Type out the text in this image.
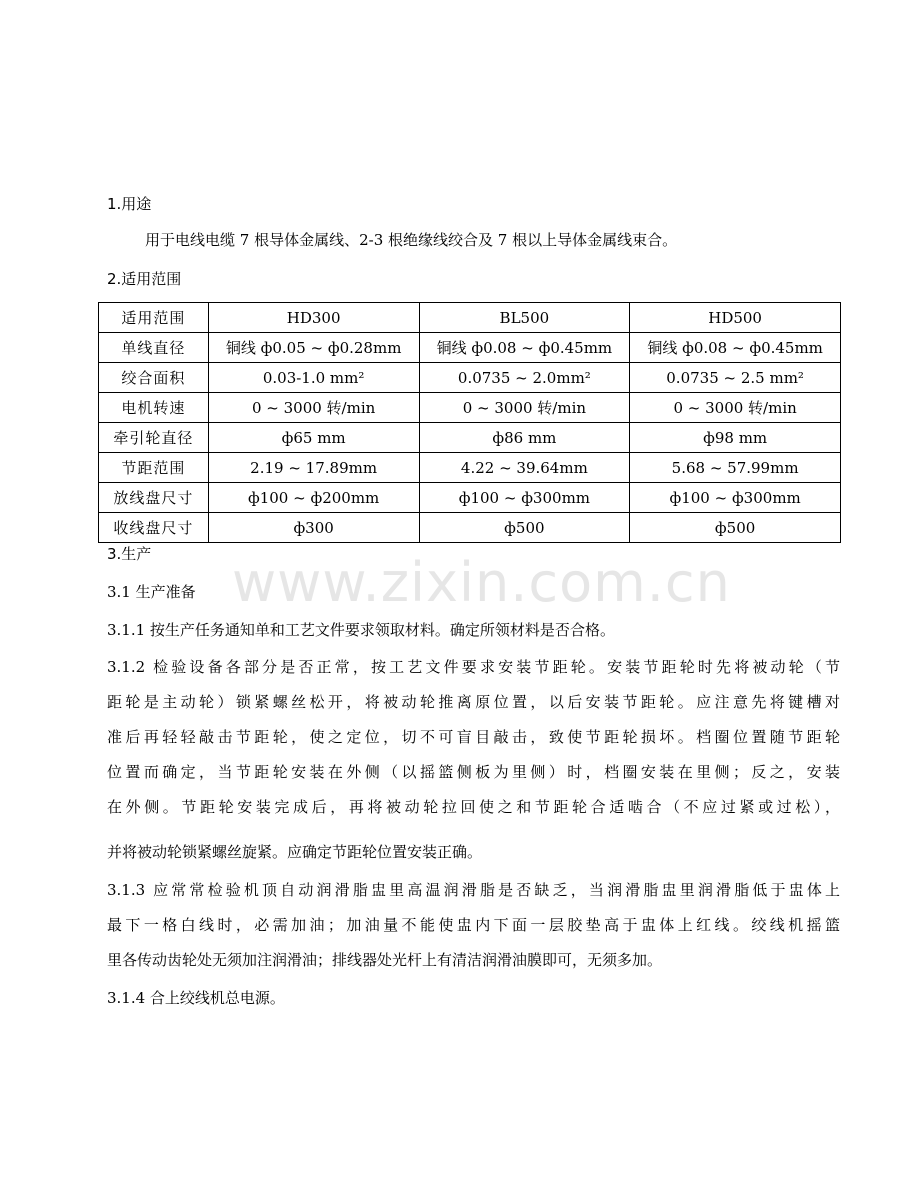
1.用途
用于电线电缆 7 根导体金属线、2-3 根绝缘线绞合及 7 根以上导体金属线束合。
2.适用范围
适用范围	HD300	BL500	HD500
单线直径	铜线 ф0.05 ~ ф0.28mm	铜线 ф0.08 ~ ф0.45mm	铜线 ф0.08 ~ ф0.45mm
绞合面积	0.03-1.0 mm²	0.0735 ~ 2.0mm²	0.0735 ~ 2.5 mm²
电机转速	0 ~ 3000 转/min	0 ~ 3000 转/min	0 ~ 3000 转/min
牵引轮直径	ф65 mm	ф86 mm	ф98 mm
节距范围	2.19 ~ 17.89mm	4.22 ~ 39.64mm	5.68 ~ 57.99mm
放线盘尺寸	ф100 ~ ф200mm	ф100 ~ ф300mm	ф100 ~ ф300mm
收线盘尺寸	ф300	ф500	ф500
3.生产 www.zixin.com.cn
3.1 生产准备
3.1.1 按生产任务通知单和工艺文件要求领取材料。确定所领材料是否合格。
3.1.2 检验设备各部分是否正常，按工艺文件要求安装节距轮。安装节距轮时先将被动轮（节
距轮是主动轮）锁紧螺丝松开，将被动轮推离原位置，以后安装节距轮。应注意先将键槽对
准后再轻轻敲击节距轮，使之定位，切不可盲目敲击，致使节距轮损坏。档圈位置随节距轮
位置而确定，当节距轮安装在外侧（以摇篮侧板为里侧）时，档圈安装在里侧；反之，安装
在外侧。节距轮安装完成后，再将被动轮拉回使之和节距轮合适啮合（不应过紧或过松），
并将被动轮锁紧螺丝旋紧。应确定节距轮位置安装正确。
3.1.3 应常常检验机顶自动润滑脂盅里高温润滑脂是否缺乏，当润滑脂盅里润滑脂低于盅体上
最下一格白线时，必需加油；加油量不能使盅内下面一层胶垫高于盅体上红线。绞线机摇篮
里各传动齿轮处无须加注润滑油；排线器处光杆上有清洁润滑油膜即可，无须多加。
3.1.4 合上绞线机总电源。
